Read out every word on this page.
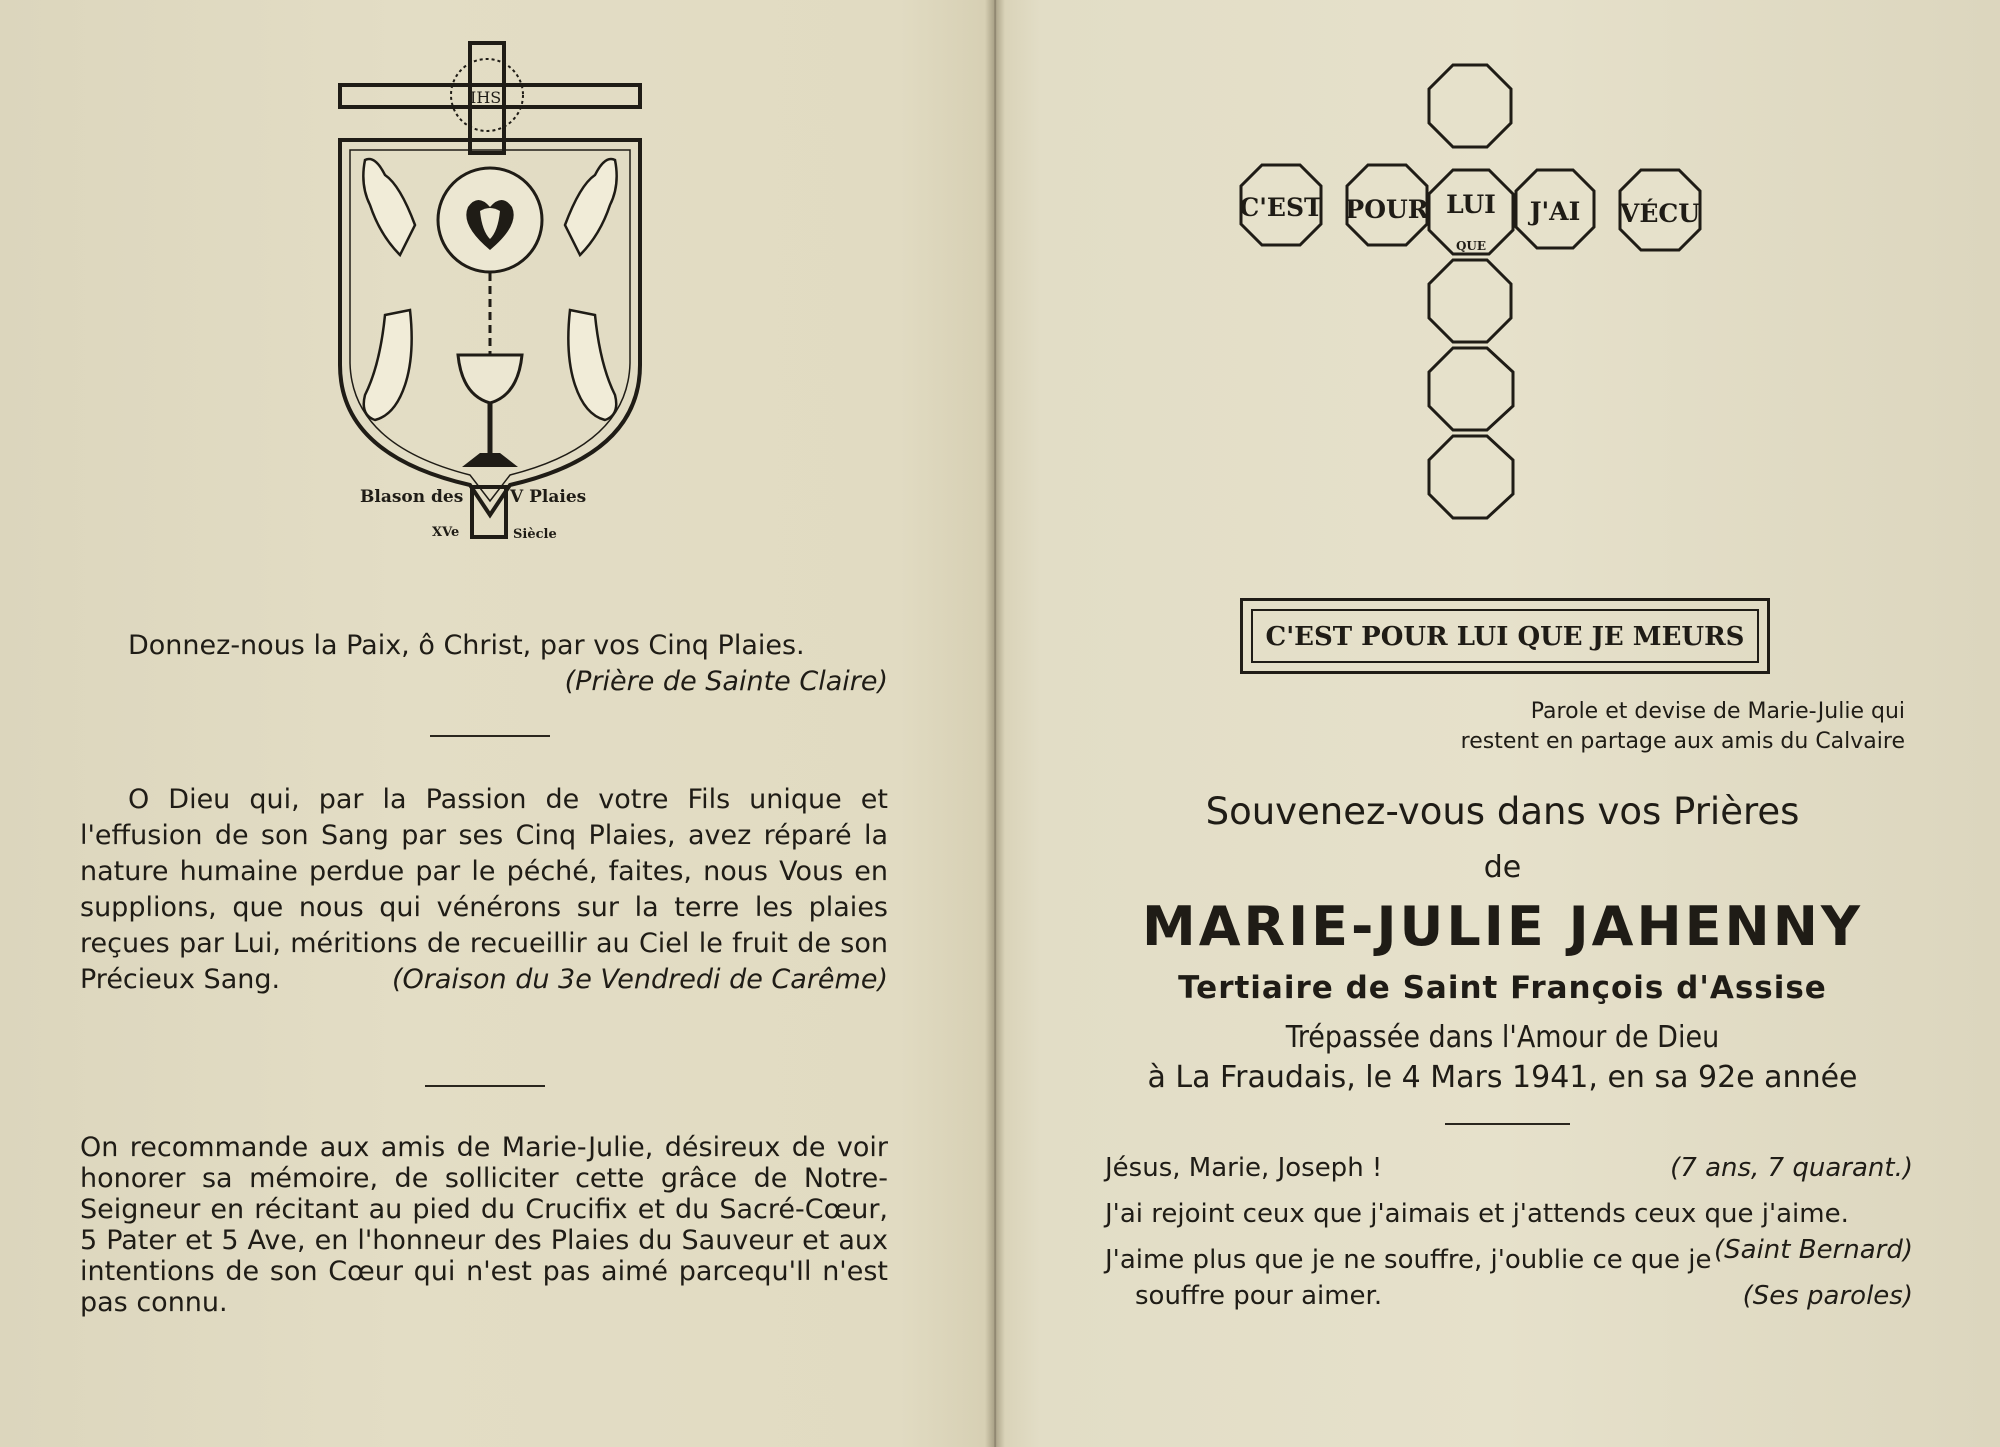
IHS
Blason des	V Plaies
XVe	Siècle
Donnez-nous la Paix, ô Christ, par vos Cinq Plaies.
(Prière de Sainte Claire)
O Dieu qui, par la Passion de votre Fils unique et l'effusion de son Sang par ses Cinq Plaies, avez réparé la nature humaine perdue par le péché, faites, nous Vous en supplions, que nous qui vénérons sur la terre les plaies reçues par Lui, méritions de recueillir au Ciel le fruit de son Précieux Sang.	(Oraison du 3e Vendredi de Carême)
On recommande aux amis de Marie-Julie, désireux de voir honorer sa mémoire, de solliciter cette grâce de Notre-Seigneur en récitant au pied du Crucifix et du Sacré-Cœur, 5 Pater et 5 Ave, en l'honneur des Plaies du Sauveur et aux intentions de son Cœur qui n'est pas aimé parcequ'Il n'est pas connu.
C'EST POUR LUI
QUE
J'AI VÉCU
C'EST POUR LUI QUE JE MEURS
Parole et devise de Marie-Julie qui
restent en partage aux amis du Calvaire
Souvenez-vous dans vos Prières
de
MARIE-JULIE JAHENNY
Tertiaire de Saint François d'Assise
Trépassée dans l'Amour de Dieu
à La Fraudais, le 4 Mars 1941, en sa 92e année
Jésus, Marie, Joseph !	(7 ans, 7 quarant.)
J'ai rejoint ceux que j'aimais et j'attends ceux que j'aime.
(Saint Bernard)
J'aime plus que je ne souffre, j'oublie ce que je souffre pour aimer.	(Ses paroles)
